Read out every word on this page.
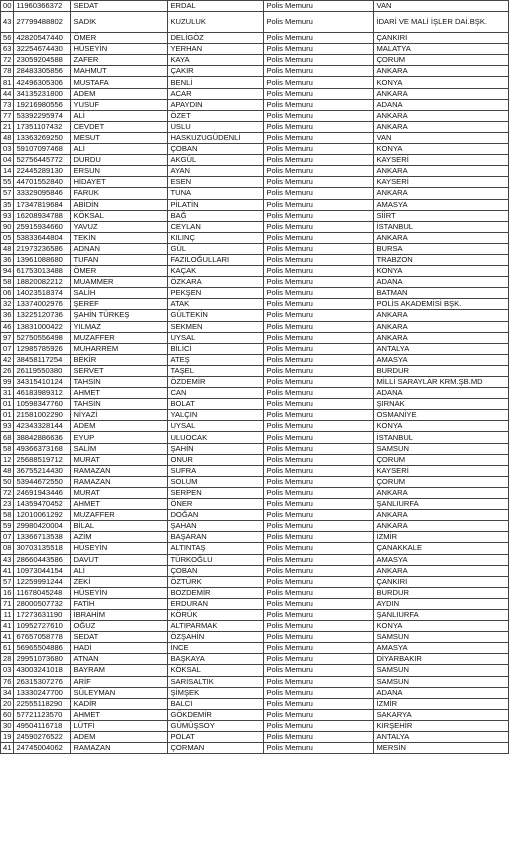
00	11960366372	SEDAT	ERDAL	Polis Memuru	VAN
43	27799488802	SADIK	KUZULUK	Polis Memuru	İDARİ VE MALİ İŞLER DAİ.BŞK.
56	42820547440	ÖMER	DELİGÖZ	Polis Memuru	ÇANKIRI
63	32254674430	HÜSEYİN	YERHAN	Polis Memuru	MALATYA
72	23059204588	ZAFER	KAYA	Polis Memuru	ÇORUM
78	28483305856	MAHMUT	ÇAKIR	Polis Memuru	ANKARA
81	42496305306	MUSTAFA	BENLİ	Polis Memuru	KONYA
44	34135231800	ADEM	ACAR	Polis Memuru	ANKARA
73	19216980556	YUSUF	APAYDIN	Polis Memuru	ADANA
77	53392295974	ALİ	ÖZET	Polis Memuru	ANKARA
21	17351107432	CEVDET	USLU	Polis Memuru	ANKARA
48	13363269250	MESUT	HASKUZUGÜDENLİ	Polis Memuru	VAN
03	59107097468	ALİ	ÇOBAN	Polis Memuru	KONYA
04	52756445772	DURDU	AKGÜL	Polis Memuru	KAYSERİ
14	22445289130	ERSUN	AYAN	Polis Memuru	ANKARA
55	44701552840	HİDAYET	ESEN	Polis Memuru	KAYSERİ
57	33329095846	FARUK	TUNA	Polis Memuru	ANKARA
35	17347819684	ABİDİN	PİLATİN	Polis Memuru	AMASYA
93	16208934788	KÖKSAL	BAĞ	Polis Memuru	SİİRT
90	25915934660	YAVUZ	CEYLAN	Polis Memuru	İSTANBUL
05	53833644804	TEKİN	KILINÇ	Polis Memuru	ANKARA
48	21973236586	ADNAN	GÜL	Polis Memuru	BURSA
36	13961088680	TUFAN	FAZILOĞULLARI	Polis Memuru	TRABZON
94	61753013488	ÖMER	KAÇAK	Polis Memuru	KONYA
58	18820082212	MUAMMER	ÖZKARA	Polis Memuru	ADANA
06	14023518374	SALİH	PEKŞEN	Polis Memuru	BATMAN
32	13374002976	ŞEREF	ATAK	Polis Memuru	POLİS AKADEMİSİ BŞK.
36	13225120736	ŞAHİN TÜRKEŞ	GÜLTEKİN	Polis Memuru	ANKARA
46	13831000422	YILMAZ	SEKMEN	Polis Memuru	ANKARA
97	52750556498	MUZAFFER	UYSAL	Polis Memuru	ANKARA
07	12985785926	MUHARREM	BİLİCİ	Polis Memuru	ANTALYA
42	38458117254	BEKİR	ATEŞ	Polis Memuru	AMASYA
26	26119550380	SERVET	TAŞEL	Polis Memuru	BURDUR
99	34315410124	TAHSİN	ÖZDEMİR	Polis Memuru	MİLLİ SARAYLAR KRM.ŞB.MD
31	46183989312	AHMET	CAN	Polis Memuru	ADANA
01	10598347760	TAHSİN	BOLAT	Polis Memuru	ŞIRNAK
01	21581002290	NİYAZİ	YALÇIN	Polis Memuru	OSMANİYE
93	42343328144	ADEM	UYSAL	Polis Memuru	KONYA
68	38842886636	EYUP	ULUOCAK	Polis Memuru	İSTANBUL
58	49366373168	SALİM	ŞAHİN	Polis Memuru	SAMSUN
12	25688519712	MURAT	ONUR	Polis Memuru	ÇORUM
48	36755214430	RAMAZAN	SUFRA	Polis Memuru	KAYSERİ
50	53944672550	RAMAZAN	SOLUM	Polis Memuru	ÇORUM
72	24691943446	MURAT	SERPEN	Polis Memuru	ANKARA
23	14359470452	AHMET	ÖNER	Polis Memuru	ŞANLIURFA
58	12010061292	MUZAFFER	DOĞAN	Polis Memuru	ANKARA
59	29980420004	BİLAL	ŞAHAN	Polis Memuru	ANKARA
07	13366713538	AZİM	BAŞARAN	Polis Memuru	İZMİR
08	30703135518	HÜSEYİN	ALTINTAŞ	Polis Memuru	ÇANAKKALE
43	28660443586	DAVUT	TÜRKOĞLU	Polis Memuru	AMASYA
41	10973044154	ALİ	ÇOBAN	Polis Memuru	ANKARA
57	12259991244	ZEKİ	ÖZTÜRK	Polis Memuru	ÇANKIRI
16	11678045248	HÜSEYİN	BOZDEMİR	Polis Memuru	BURDUR
71	28000507732	FATİH	ERDURAN	Polis Memuru	AYDIN
11	17273631190	İBRAHİM	KÖRÜK	Polis Memuru	ŞANLIURFA
41	10952727610	OĞUZ	ALTIPARMAK	Polis Memuru	KONYA
41	67657058778	SEDAT	ÖZŞAHİN	Polis Memuru	SAMSUN
61	56965504886	HADİ	İNCE	Polis Memuru	AMASYA
28	29951073680	ATNAN	BAŞKAYA	Polis Memuru	DİYARBAKIR
03	43003241018	BAYRAM	KÖKSAL	Polis Memuru	SAMSUN
76	26315307276	ARİF	SARISALTIK	Polis Memuru	SAMSUN
34	13330247700	SÜLEYMAN	ŞİMŞEK	Polis Memuru	ADANA
20	22555118290	KADİR	BALCI	Polis Memuru	İZMİR
60	57721123570	AHMET	GÖKDEMİR	Polis Memuru	SAKARYA
30	49504116718	LÜTFİ	GÜMÜŞSOY	Polis Memuru	KIRŞEHİR
19	24590276522	ADEM	POLAT	Polis Memuru	ANTALYA
41	24745004062	RAMAZAN	ÇORMAN	Polis Memuru	MERSİN
